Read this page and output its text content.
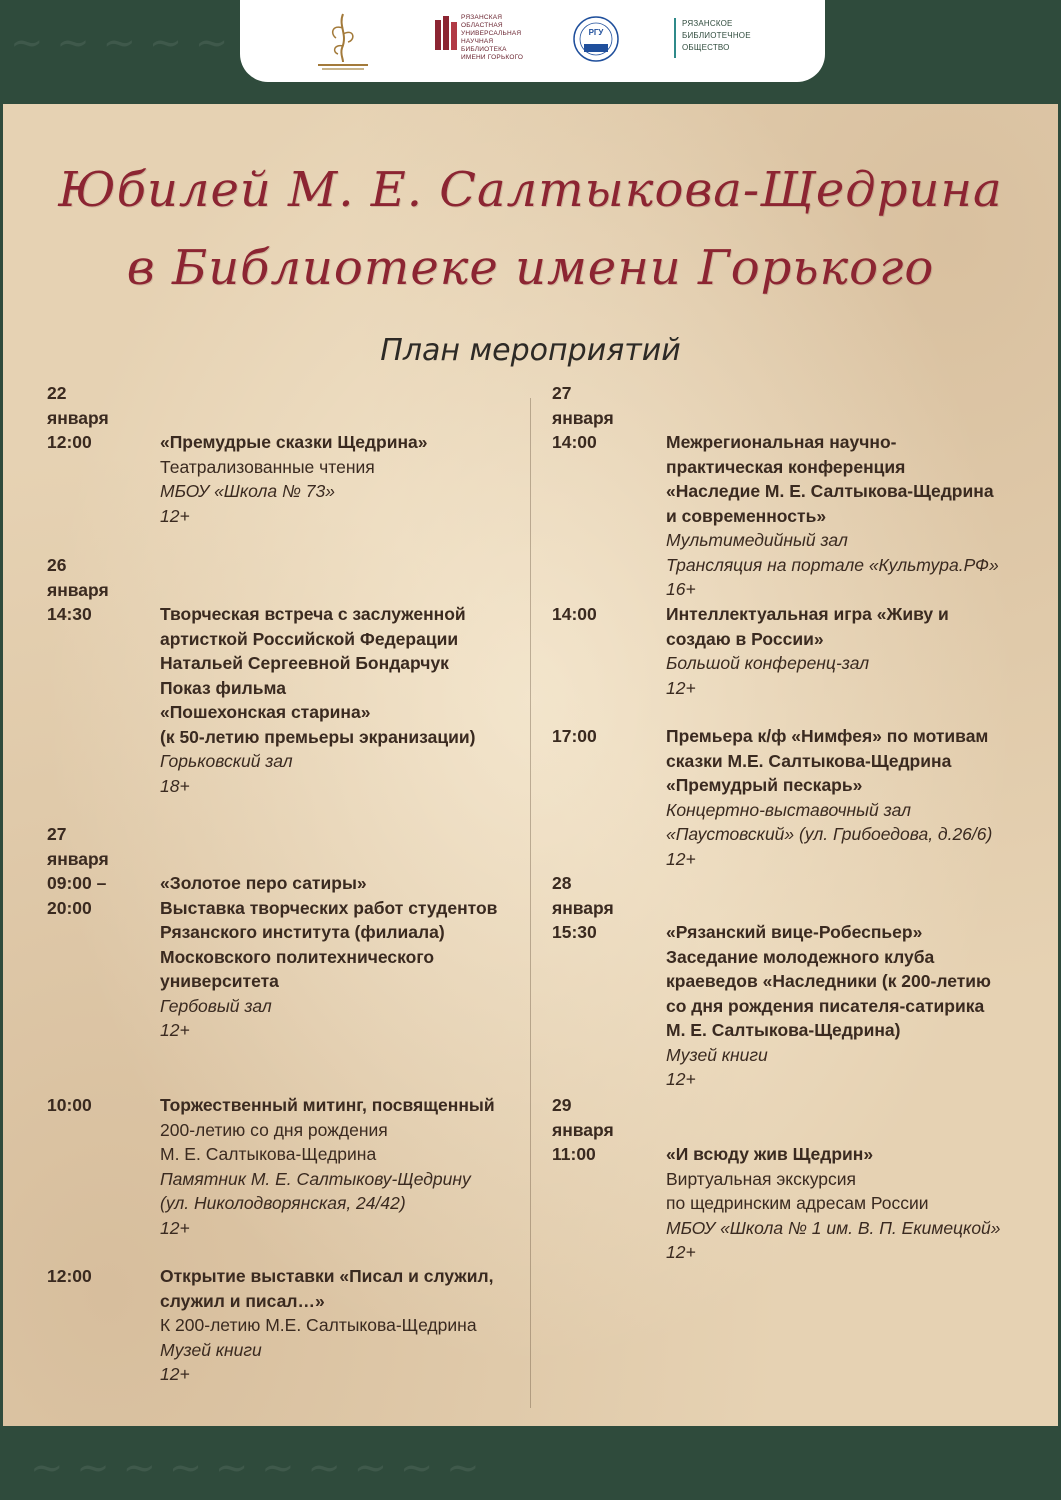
~ ~ ~ ~ ~
~ ~ ~ ~ ~ ~ ~ ~ ~ ~
РЯЗАНСКАЯ
ОБЛАСТНАЯ
УНИВЕРСАЛЬНАЯ
НАУЧНАЯ
БИБЛИОТЕКА
ИМЕНИ ГОРЬКОГО
РГУ
РЯЗАНСКОЕ
БИБЛИОТЕЧНОЕ
ОБЩЕСТВО
Юбилей М. Е. Салтыкова-Щедрина
в Библиотеке имени Горького
План мероприятий
22 января
12:00	«Премудрые сказки Щедрина»
Театрализованные чтения
МБОУ «Школа № 73»
12+
26 января
14:30	Творческая встреча с заслуженной
артисткой Российской Федерации
Натальей Сергеевной Бондарчук
Показ фильма
«Пошехонская старина»
(к 50-летию премьеры экранизации)
Горьковский зал
18+
27 января
09:00 –
20:00
«Золотое перо сатиры»
Выставка творческих работ студентов
Рязанского института (филиала)
Московского политехнического
университета
Гербовый зал
12+
10:00	Торжественный митинг, посвященный
200-летию со дня рождения
М. Е. Салтыкова-Щедрина
Памятник М. Е. Салтыкову-Щедрину
(ул. Николодворянская, 24/42)
12+
12:00	Открытие выставки «Писал и служил,
служил и писал…»
К 200-летию М.Е. Салтыкова-Щедрина
Музей книги
12+
27 января
14:00	Межрегиональная научно-
практическая конференция
«Наследие М. Е. Салтыкова-Щедрина
и современность»
Мультимедийный зал
Трансляция на портале «Культура.РФ»
16+
14:00	Интеллектуальная игра «Живу и
создаю в России»
Большой конференц-зал
12+
17:00	Премьера к/ф «Нимфея» по мотивам
сказки М.Е. Салтыкова-Щедрина
«Премудрый пескарь»
Концертно-выставочный зал
«Паустовский» (ул. Грибоедова, д.26/6)
12+
28 января
15:30	«Рязанский вице-Робеспьер»
Заседание молодежного клуба
краеведов «Наследники (к 200-летию
со дня рождения писателя-сатирика
М. Е. Салтыкова-Щедрина)
Музей книги
12+
29 января
11:00	«И всюду жив Щедрин»
Виртуальная экскурсия
по щедринским адресам России
МБОУ «Школа № 1 им. В. П. Екимецкой»
12+
